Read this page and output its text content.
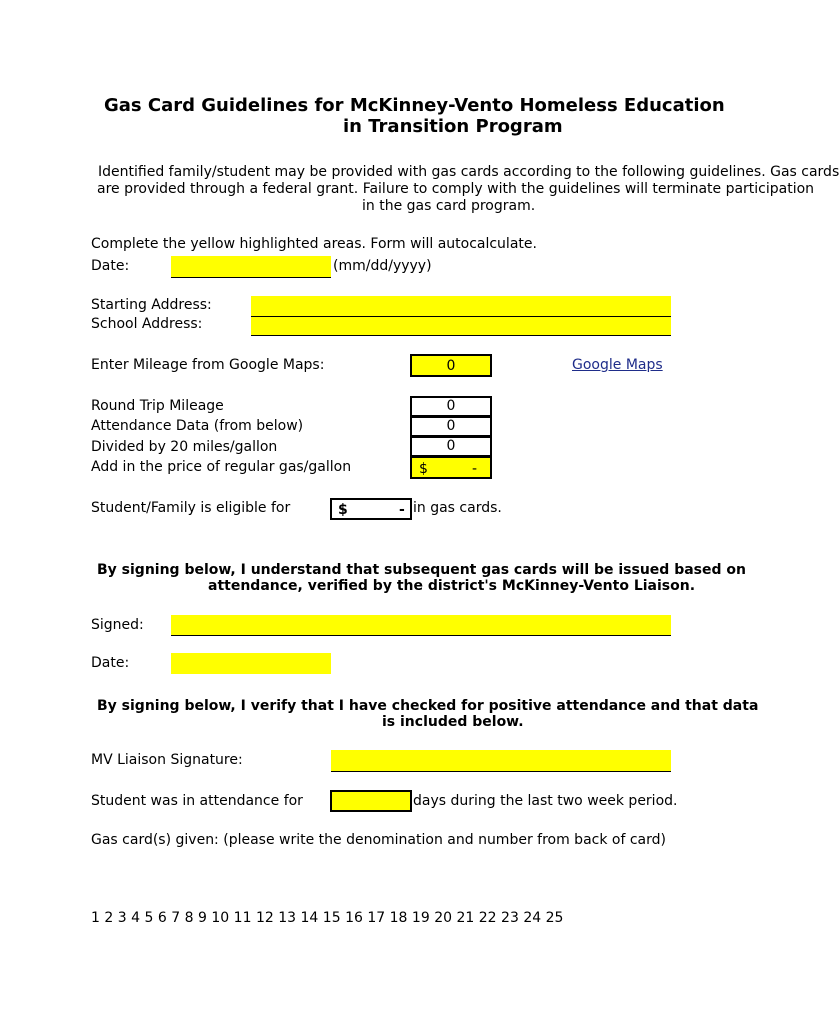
Gas Card Guidelines for McKinney-Vento Homeless Education
in Transition Program
Identified family/student may be provided with gas cards according to the following guidelines. Gas cards
are provided through a federal grant. Failure to comply with the guidelines will terminate participation
in the gas card program.
Complete the yellow highlighted areas. Form will autocalculate.
Date:	(mm/dd/yyyy)
Starting Address:
School Address:
Enter Mileage from Google Maps:	0	Google Maps
Round Trip Mileage	0
Attendance Data (from below)	0
Divided by 20 miles/gallon	0
Add in the price of regular gas/gallon	$	-
Student/Family is eligible for	$	- in gas cards.
By signing below, I understand that subsequent gas cards will be issued based on
attendance, verified by the district's McKinney-Vento Liaison.
Signed:
Date:
By signing below, I verify that I have checked for positive attendance and that data
is included below.
MV Liaison Signature:
Student was in attendance for	days during the last two week period.
Gas card(s) given: (please write the denomination and number from back of card)
1 2 3 4 5 6 7 8 9 10 11 12 13 14 15 16 17 18 19 20 21 22 23 24 25
